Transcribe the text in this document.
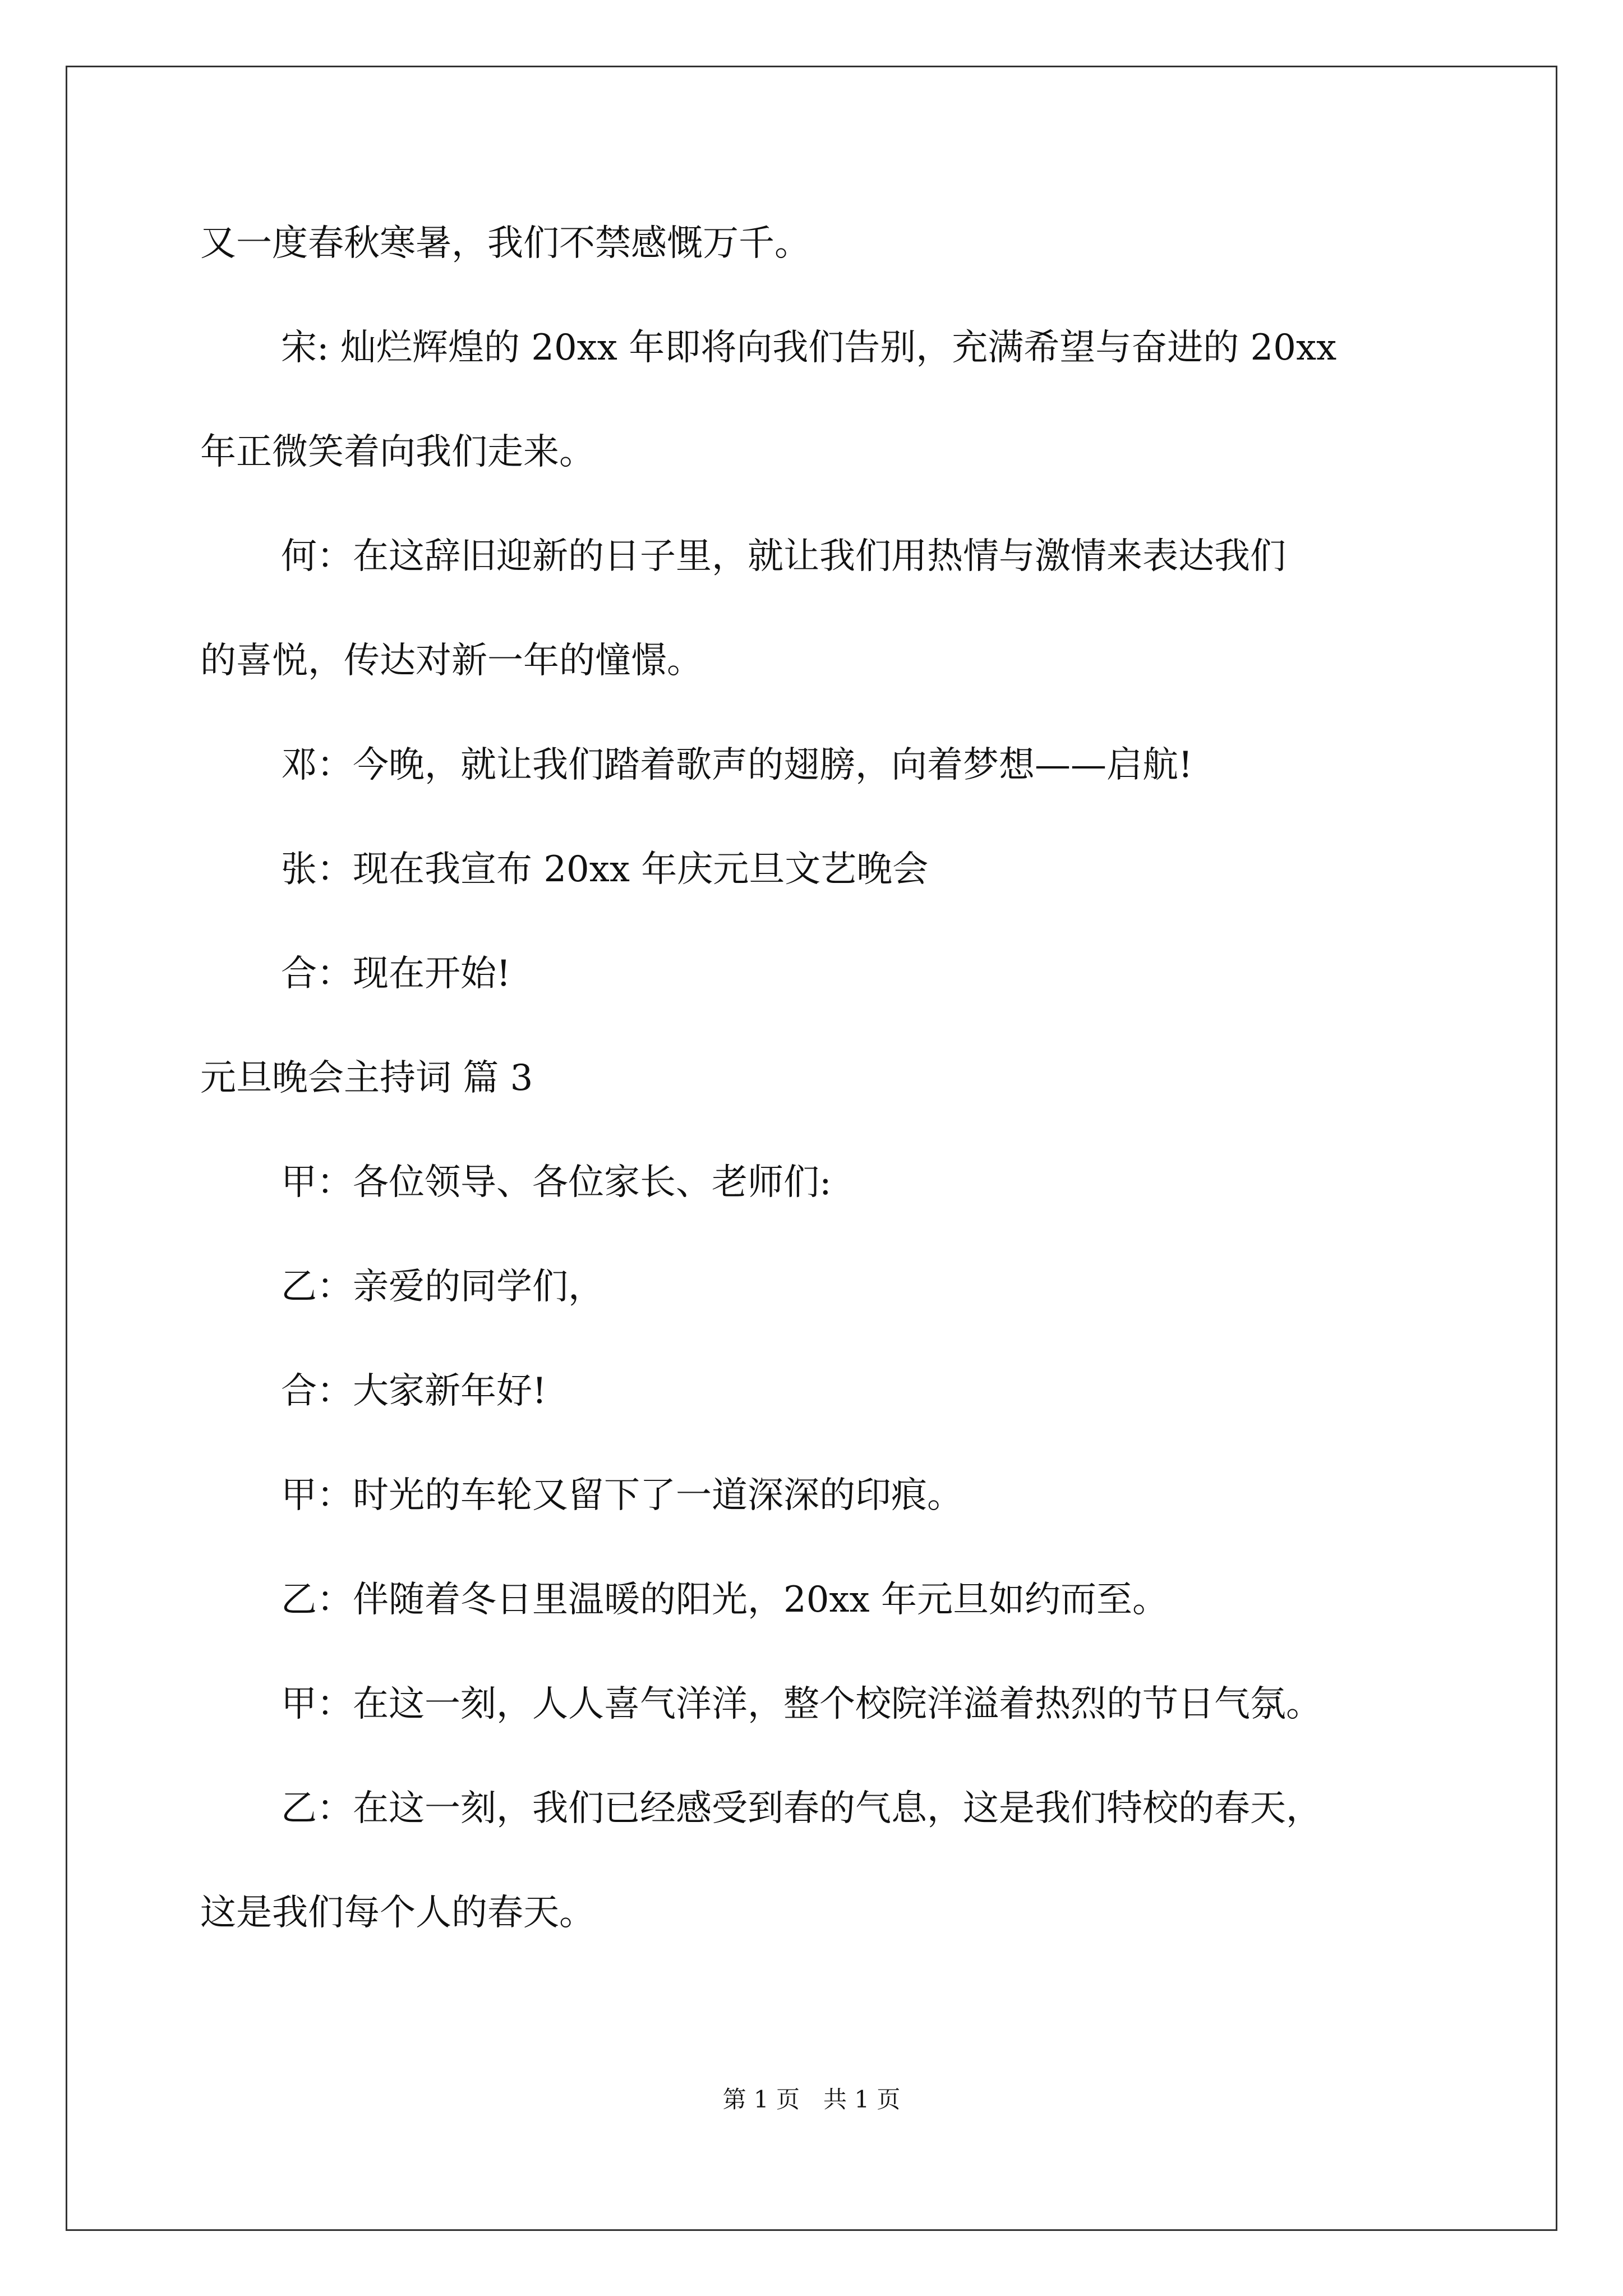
又一度春秋寒暑，我们不禁感慨万千。
宋: 灿烂辉煌的 20xx 年即将向我们告别，充满希望与奋进的 20xx
年正微笑着向我们走来。
何：在这辞旧迎新的日子里，就让我们用热情与激情来表达我们
的喜悦，传达对新一年的憧憬。
邓：今晚，就让我们踏着歌声的翅膀，向着梦想——启航!
张：现在我宣布 20xx 年庆元旦文艺晚会
合：现在开始!
元旦晚会主持词 篇 3
甲：各位领导、各位家长、老师们:
乙：亲爱的同学们，
合：大家新年好!
甲：时光的车轮又留下了一道深深的印痕。
乙：伴随着冬日里温暖的阳光，20xx 年元旦如约而至。
甲：在这一刻，人人喜气洋洋，整个校院洋溢着热烈的节日气氛。
乙：在这一刻，我们已经感受到春的气息，这是我们特校的春天，
这是我们每个人的春天。
第 1 页　共 1 页
